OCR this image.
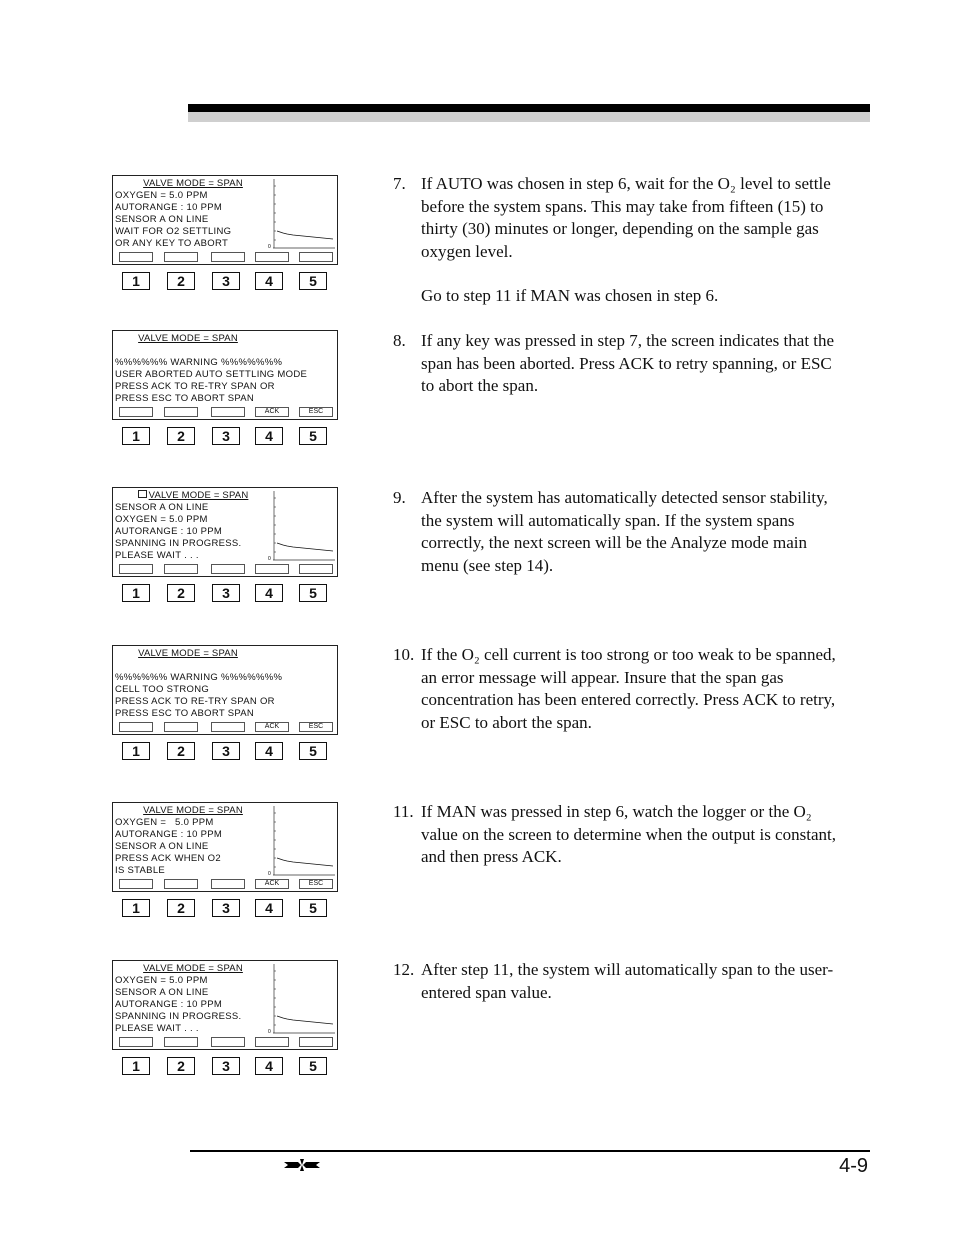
VALVE MODE = SPAN
OXYGEN = 5.0 PPM
AUTORANGE : 10 PPM
SENSOR A ON LINE
WAIT FOR O2 SETTLING
OR ANY KEY TO ABORT	0
1	2	3	4	5
7. If AUTO was chosen in step 6, wait for the O₂ level to settle before the system spans. This may take from fifteen (15) to thirty (30) minutes or longer, depending on the sample gas oxygen level.
Go to step 11 if MAN was chosen in step 6.
VALVE MODE = SPAN
%%%%%% WARNING %%%%%%%
USER ABORTED AUTO SETTLING MODE
PRESS ACK TO RE-TRY SPAN OR
PRESS ESC TO ABORT SPAN
ACK	ESC
1	2	3	4	5
8. If any key was pressed in step 7, the screen indicates that the span has been aborted. Press ACK to retry spanning, or ESC to abort the span.
VALVE MODE = SPAN
SENSOR A ON LINE
OXYGEN = 5.0 PPM
AUTORANGE : 10 PPM
SPANNING IN PROGRESS.
PLEASE WAIT . . .	0
1	2	3	4	5
9. After the system has automatically detected sensor stability, the system will automatically span. If the system spans correctly, the next screen will be the Analyze mode main menu (see step 14).
VALVE MODE = SPAN
%%%%%% WARNING %%%%%%%
CELL TOO STRONG
PRESS ACK TO RE-TRY SPAN OR
PRESS ESC TO ABORT SPAN
ACK	ESC
1	2	3	4	5
10. If the O₂ cell current is too strong or too weak to be spanned, an error message will appear. Insure that the span gas concentration has been entered correctly. Press ACK to retry, or ESC to abort the span.
VALVE MODE = SPAN
OXYGEN =   5.0 PPM
AUTORANGE : 10 PPM
SENSOR A ON LINE
PRESS ACK WHEN O2
IS STABLE	0
ACK	ESC
1	2	3	4	5
11. If MAN was pressed in step 6, watch the logger or the O₂ value on the screen to determine when the output is constant, and then press ACK.
VALVE MODE = SPAN
OXYGEN = 5.0 PPM
SENSOR A ON LINE
AUTORANGE : 10 PPM
SPANNING IN PROGRESS.
PLEASE WAIT . . .	0
1	2	3	4	5
12. After step 11, the system will automatically span to the user-entered span value.
4-9
